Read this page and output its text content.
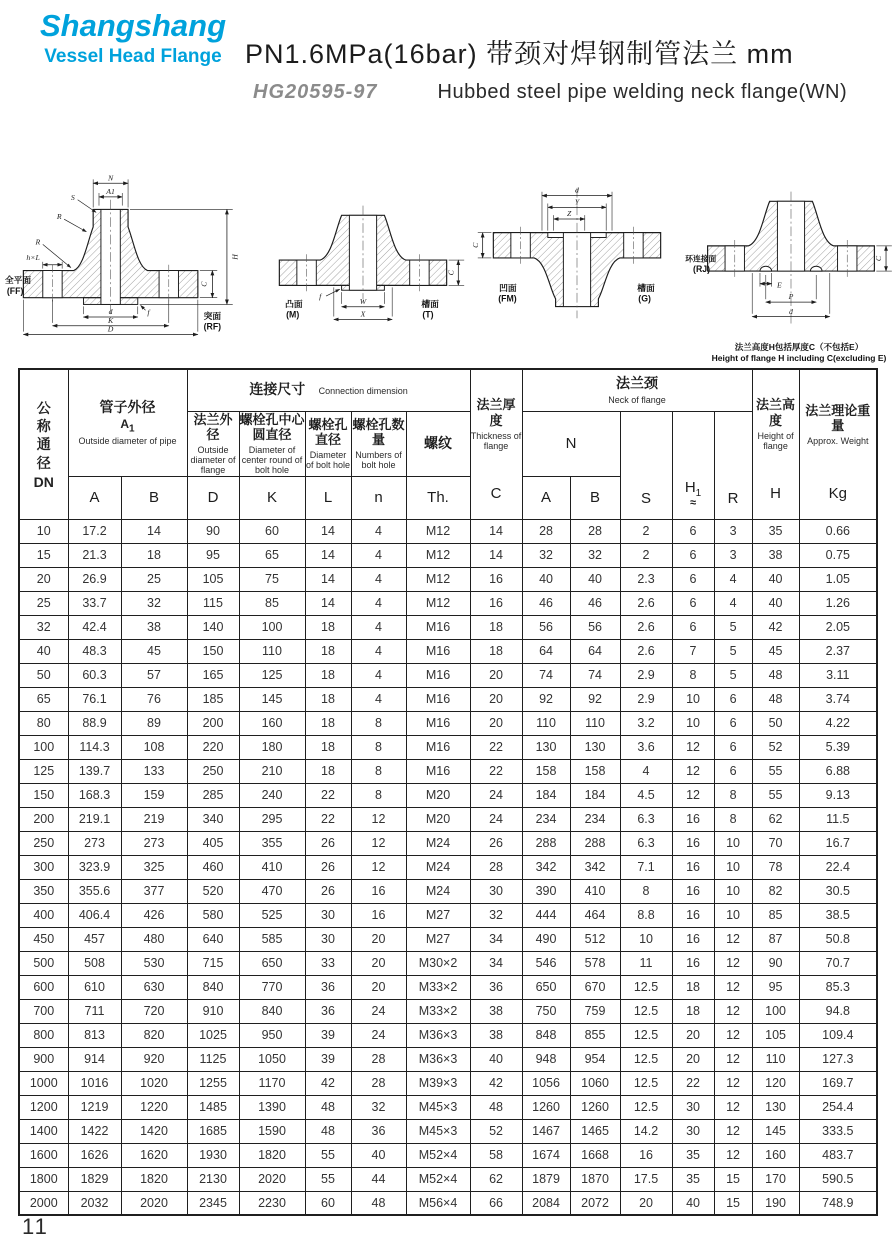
Shangshang
Vessel Head Flange PN1.6MPa(16bar) 带颈对焊钢制管法兰 mm
HG20595-97	Hubbed steel pipe welding neck flange(WN)
N
A1
S
R
R
h×L	H
C
f
d
K
D
全平面
(FF)
突面
(RF)
C
f
W
X
凸面
(M)
槽面
(T)
d
Y
Z
C
凹面
(FM)
槽面
(G)
E
P
d
C
环连接面
(RJ)
法兰高度H包括厚度C（不包括E）
Height of flange H including C(excluding E)
公称通径
DN

管子外径
$A_1$
Outside diameter of pipe
	连接尺寸 Connection dimension	
法兰厚度
Thickness of flange
C

法兰颈
Neck of flange	法兰高度
Height of flange
H

法兰理论重量
Approx. Weight
Kg

法兰外径
Outside diameter of flange

螺栓孔中心圆直径
Diameter of center round of bolt hole

螺栓孔直径
Diameter of bolt hole

螺栓孔数量
Numbers of bolt hole

螺纹	N	S	$H_1$
≈	R
	A	B	D	K	L	n	Th.		A	B					
10	17.2	14	90	60	14	4	M12	14	28	28	2	6	3	35	0.66
15	21.3	18	95	65	14	4	M12	14	32	32	2	6	3	38	0.75
20	26.9	25	105	75	14	4	M12	16	40	40	2.3	6	4	40	1.05
25	33.7	32	115	85	14	4	M12	16	46	46	2.6	6	4	40	1.26
32	42.4	38	140	100	18	4	M16	18	56	56	2.6	6	5	42	2.05
40	48.3	45	150	110	18	4	M16	18	64	64	2.6	7	5	45	2.37
50	60.3	57	165	125	18	4	M16	20	74	74	2.9	8	5	48	3.11
65	76.1	76	185	145	18	4	M16	20	92	92	2.9	10	6	48	3.74
80	88.9	89	200	160	18	8	M16	20	110	110	3.2	10	6	50	4.22
100	114.3	108	220	180	18	8	M16	22	130	130	3.6	12	6	52	5.39
125	139.7	133	250	210	18	8	M16	22	158	158	4	12	6	55	6.88
150	168.3	159	285	240	22	8	M20	24	184	184	4.5	12	8	55	9.13
200	219.1	219	340	295	22	12	M20	24	234	234	6.3	16	8	62	11.5
250	273	273	405	355	26	12	M24	26	288	288	6.3	16	10	70	16.7
300	323.9	325	460	410	26	12	M24	28	342	342	7.1	16	10	78	22.4
350	355.6	377	520	470	26	16	M24	30	390	410	8	16	10	82	30.5
400	406.4	426	580	525	30	16	M27	32	444	464	8.8	16	10	85	38.5
450	457	480	640	585	30	20	M27	34	490	512	10	16	12	87	50.8
500	508	530	715	650	33	20	M30×2	34	546	578	11	16	12	90	70.7
600	610	630	840	770	36	20	M33×2	36	650	670	12.5	18	12	95	85.3
700	711	720	910	840	36	24	M33×2	38	750	759	12.5	18	12	100	94.8
800	813	820	1025	950	39	24	M36×3	38	848	855	12.5	20	12	105	109.4
900	914	920	1125	1050	39	28	M36×3	40	948	954	12.5	20	12	110	127.3
1000	1016	1020	1255	1170	42	28	M39×3	42	1056	1060	12.5	22	12	120	169.7
1200	1219	1220	1485	1390	48	32	M45×3	48	1260	1260	12.5	30	12	130	254.4
1400	1422	1420	1685	1590	48	36	M45×3	52	1467	1465	14.2	30	12	145	333.5
1600	1626	1620	1930	1820	55	40	M52×4	58	1674	1668	16	35	12	160	483.7
1800	1829	1820	2130	2020	55	44	M52×4	62	1879	1870	17.5	35	15	170	590.5
2000	2032	2020	2345	2230	60	48	M56×4	66	2084	2072	20	40	15	190	748.9
11
